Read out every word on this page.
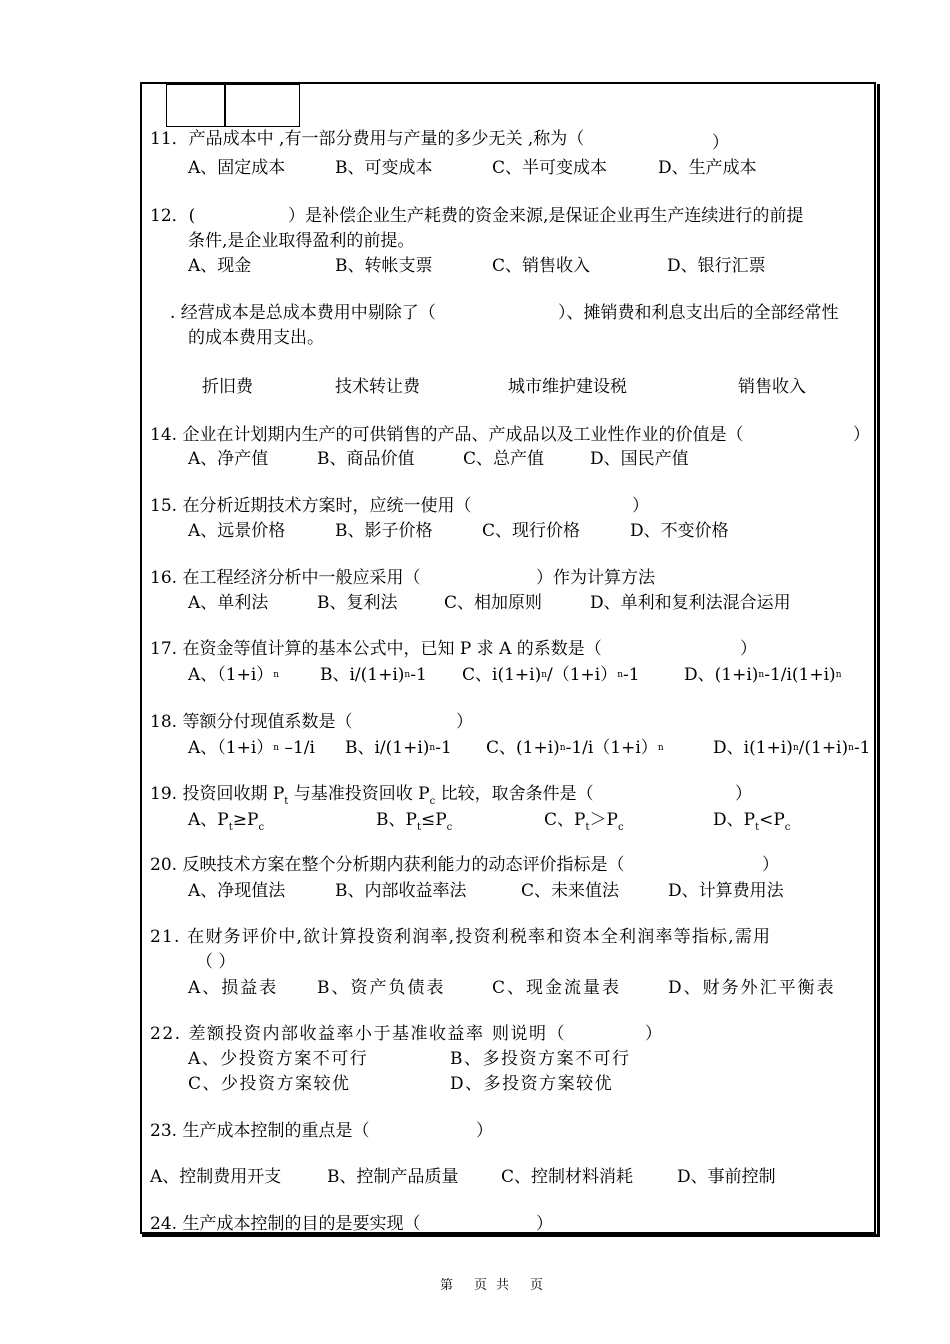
11．产品成本中 ,有一部分费用与产量的多少无关 ,称为（	）
A、固定成本	B、可变成本	C、半可变成本	D、生产成本
12．(	）是补偿企业生产耗费的资金来源,是保证企业再生产连续进行的前提
条件,是企业取得盈利的前提。
A、现金	B、转帐支票	C、销售收入	D、银行汇票
. 经营成本是总成本费用中剔除了（	）、摊销费和利息支出后的全部经常性
的成本费用支出。
折旧费	技术转让费	城市维护建设税	销售收入
14. 企业在计划期内生产的可供销售的产品、产成品以及工业性作业的价值是（	）
A、净产值	B、商品价值	C、总产值	D、国民产值
15. 在分析近期技术方案时，应统一使用（	）
A、远景价格	B、影子价格	C、现行价格	D、不变价格
16. 在工程经济分析中一般应采用（	）作为计算方法
A、单利法	B、复利法	C、相加原则	D、单利和复利法混合运用
17. 在资金等值计算的基本公式中，已知 P 求 A 的系数是（	）
A、$(1+i)^n$ B、$i/(1+i)^n-1$ C、$i(1+i)^n/(1+i)^n-1$	D、$(1+i)^n-1/i(1+i)^n$
18. 等额分付现值系数是（	）
A、$(1+i)^n$ –1/i B、$i/(1+i)^n-1$ C、$(1+i)^n-1/i(1+i)^n$	D、$i(1+i)^n/(1+i)^n-1$
19. 投资回收期 $P_t$ 与基准投资回收 $P_c$ 比较，取舍条件是（	）
A、$P_t\ge P_c$	B、$P_t\le P_c$	C、$P_t>P_c$	D、$P_t<P_c$
20. 反映技术方案在整个分析期内获利能力的动态评价指标是（	）
A、净现值法	B、内部收益率法	C、未来值法	D、计算费用法
21. 在财务评价中,欲计算投资利润率,投资利税率和资本全利润率等指标,需用
（ ）
A、损益表 B、资产负债表	C、现金流量表	D、财务外汇平衡表
22. 差额投资内部收益率小于基准收益率 则说明（	）
A、少投资方案不可行	B、多投资方案不可行
C、少投资方案较优	D、多投资方案较优
23. 生产成本控制的重点是（	）
A、控制费用开支	B、控制产品质量	C、控制材料消耗	D、事前控制
24. 生产成本控制的目的是要实现（	）
第 页 共 页
